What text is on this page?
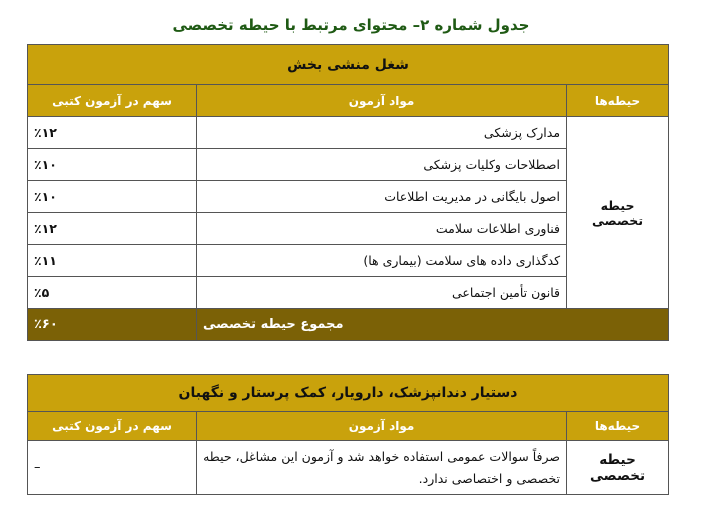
جدول شماره ۲– محتوای مرتبط با حیطه تخصصی
شغل منشی بخش		
حیطه‌ها	مواد آزمون	سهم در آزمون کتبی
حیطه تخصصی	مدارک پزشکی	٪۱۲
	اصطلاحات وکلیات پزشکی	٪۱۰
	اصول بایگانی در مدیریت اطلاعات	٪۱۰
	فناوری اطلاعات سلامت	٪۱۲
	کدگذاری داده های سلامت (بیماری ها)	٪۱۱
	قانون تأمین اجتماعی	٪۵
مجموع حیطه تخصصی		٪۶۰
دستیار دندانپزشک، دارویار، کمک پرستار و نگهبان		
حیطه‌ها	مواد آزمون	سهم در آزمون کتبی
حیطه تخصصی	صرفاً سوالات عمومی استفاده خواهد شد و آزمون این مشاغل، حیطه تخصصی و اختصاصی ندارد.	–
